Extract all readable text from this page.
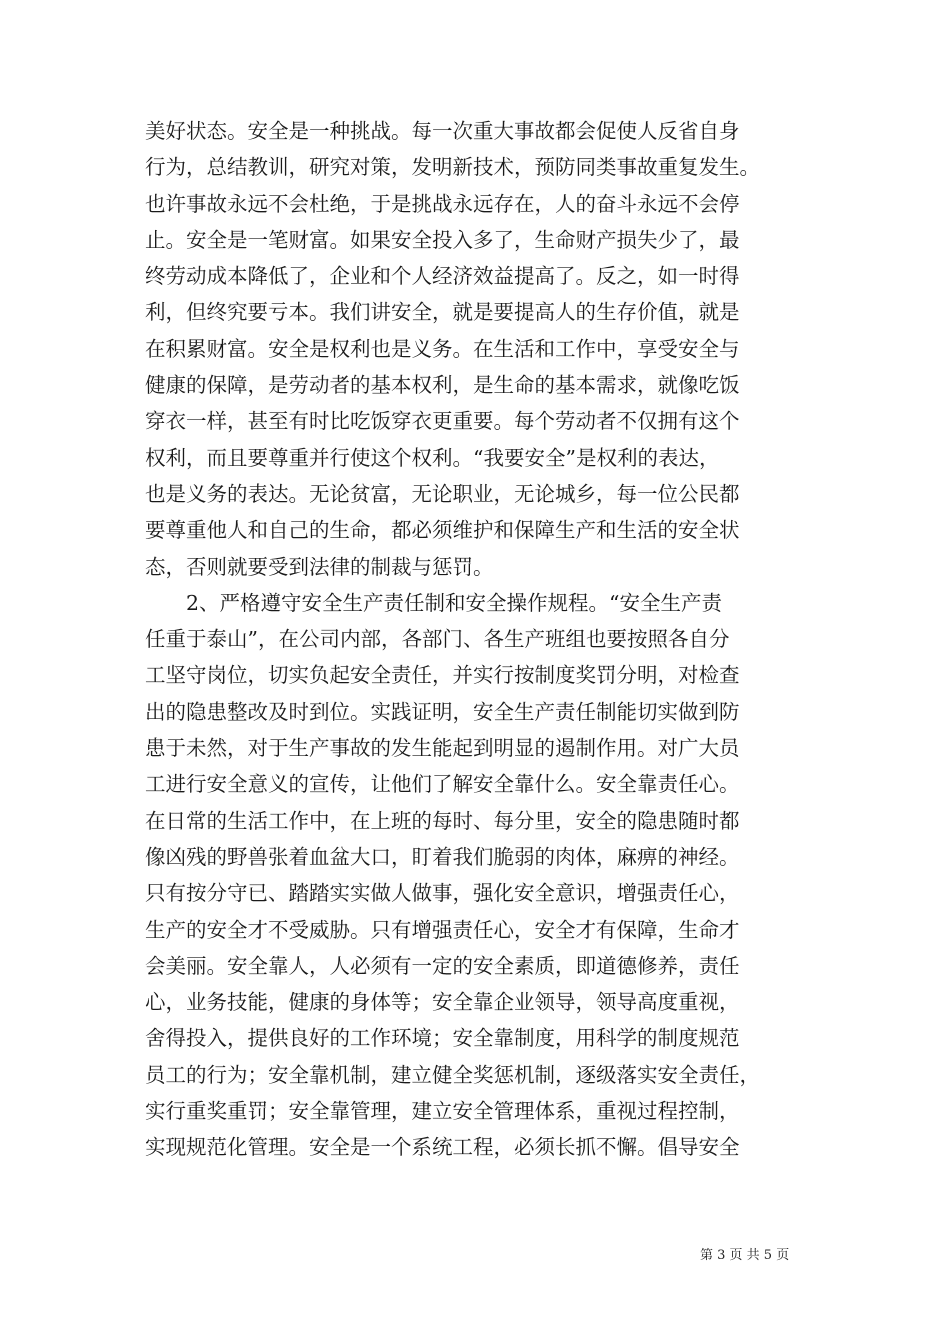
美好状态。安全是一种挑战。每一次重大事故都会促使人反省自身
行为，总结教训，研究对策，发明新技术，预防同类事故重复发生。
也许事故永远不会杜绝，于是挑战永远存在，人的奋斗永远不会停
止。安全是一笔财富。如果安全投入多了，生命财产损失少了，最
终劳动成本降低了，企业和个人经济效益提高了。反之，如一时得
利，但终究要亏本。我们讲安全，就是要提高人的生存价值，就是
在积累财富。安全是权利也是义务。在生活和工作中，享受安全与
健康的保障，是劳动者的基本权利，是生命的基本需求，就像吃饭
穿衣一样，甚至有时比吃饭穿衣更重要。每个劳动者不仅拥有这个
权利，而且要尊重并行使这个权利。“我要安全”是权利的表达，
也是义务的表达。无论贫富，无论职业，无论城乡，每一位公民都
要尊重他人和自己的生命，都必须维护和保障生产和生活的安全状
态，否则就要受到法律的制裁与惩罚。
　　2、严格遵守安全生产责任制和安全操作规程。“安全生产责
任重于泰山”，在公司内部，各部门、各生产班组也要按照各自分
工坚守岗位，切实负起安全责任，并实行按制度奖罚分明，对检查
出的隐患整改及时到位。实践证明，安全生产责任制能切实做到防
患于未然，对于生产事故的发生能起到明显的遏制作用。对广大员
工进行安全意义的宣传，让他们了解安全靠什么。安全靠责任心。
在日常的生活工作中，在上班的每时、每分里，安全的隐患随时都
像凶残的野兽张着血盆大口，盯着我们脆弱的肉体，麻痹的神经。
只有按分守已、踏踏实实做人做事，强化安全意识，增强责任心，
生产的安全才不受威胁。只有增强责任心，安全才有保障，生命才
会美丽。安全靠人，人必须有一定的安全素质，即道德修养，责任
心，业务技能，健康的身体等；安全靠企业领导，领导高度重视，
舍得投入，提供良好的工作环境；安全靠制度，用科学的制度规范
员工的行为；安全靠机制，建立健全奖惩机制，逐级落实安全责任，
实行重奖重罚；安全靠管理，建立安全管理体系，重视过程控制，
实现规范化管理。安全是一个系统工程，必须长抓不懈。倡导安全
第 3 页 共 5 页
